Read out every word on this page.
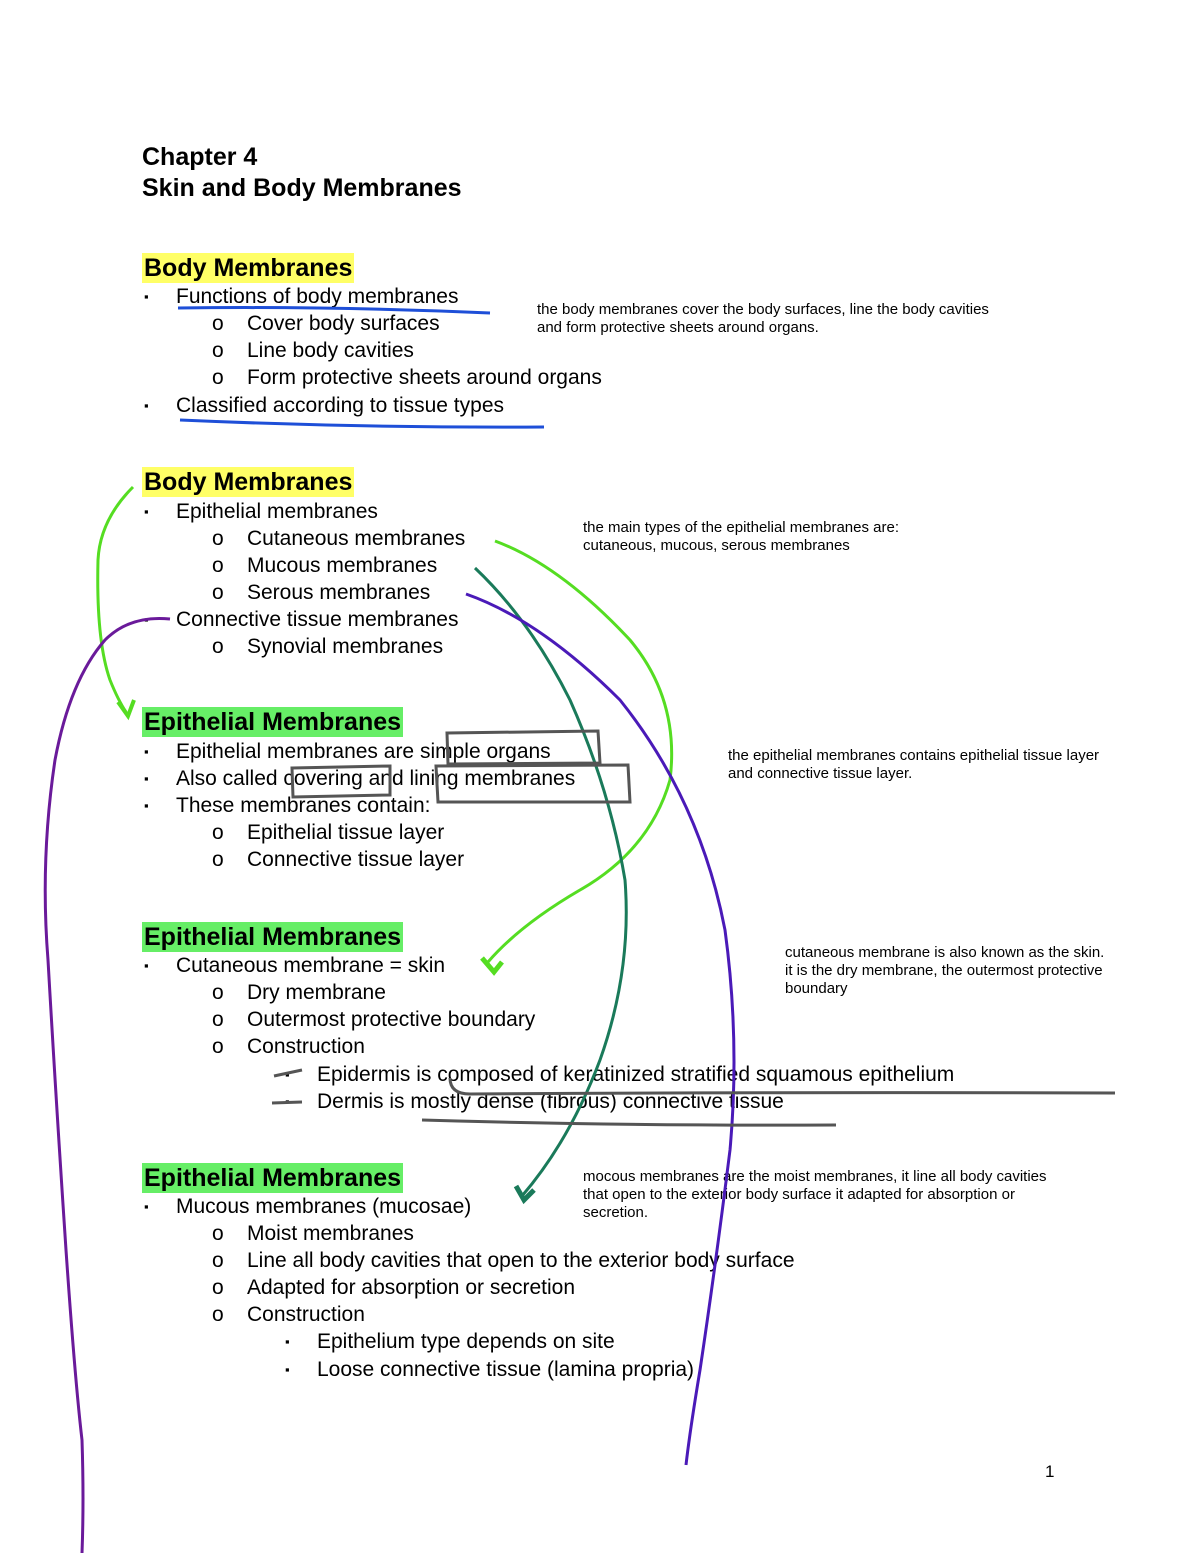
Chapter 4
Skin and Body Membranes
Body Membranes
▪ Functions of body membranes
o Cover body surfaces
o Line body cavities
o Form protective sheets around organs
▪ Classified according to tissue types
the body membranes cover the body surfaces, line the body cavities
and form protective sheets around organs.
Body Membranes
▪ Epithelial membranes
o Cutaneous membranes
o Mucous membranes
o Serous membranes
▪ Connective tissue membranes
o Synovial membranes
the main types of the epithelial membranes are:
cutaneous, mucous, serous membranes
Epithelial Membranes
▪ Epithelial membranes are simple organs
▪ Also called covering and lining membranes
▪ These membranes contain:
o Epithelial tissue layer
o Connective tissue layer
the epithelial membranes contains epithelial tissue layer
and connective tissue layer.
Epithelial Membranes
▪ Cutaneous membrane = skin
o Dry membrane
o Outermost protective boundary
o Construction
▪ Epidermis is composed of keratinized stratified squamous epithelium
▪ Dermis is mostly dense (fibrous) connective tissue
cutaneous membrane is also known as the skin.
it is the dry membrane, the outermost protective
boundary
Epithelial Membranes
▪ Mucous membranes (mucosae)
o Moist membranes
o Line all body cavities that open to the exterior body surface
o Adapted for absorption or secretion
o Construction
▪ Epithelium type depends on site
▪ Loose connective tissue (lamina propria)
mocous membranes are the moist membranes, it line all body cavities
that open to the exterior body surface it adapted for absorption or
secretion.
1
